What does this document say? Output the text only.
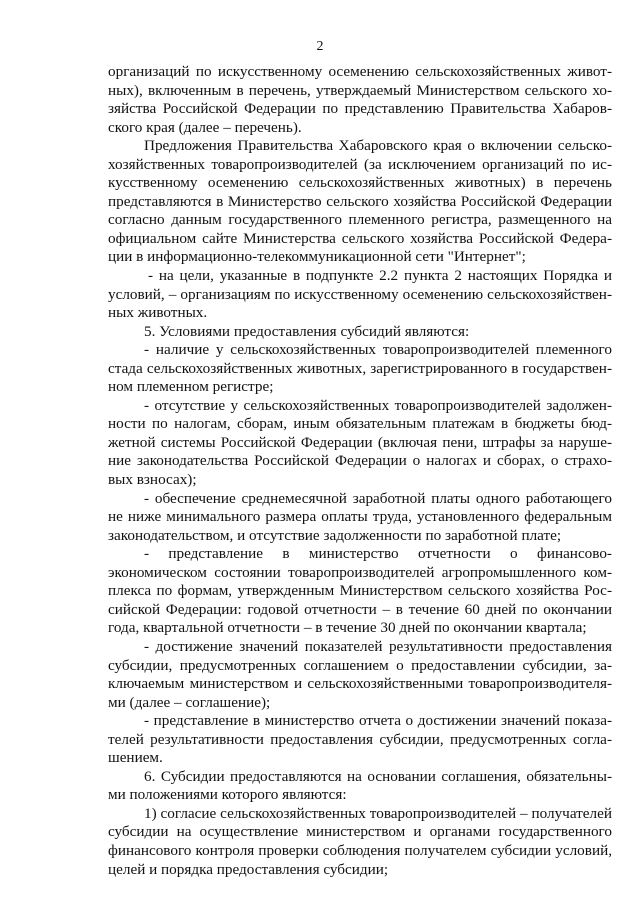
2

организаций по искусственному осеменению сельскохозяйственных животных), включенным в перечень, утверждаемый Министерством сельского хозяйства Российской Федерации по представлению Правительства Хабаровского края (далее – перечень).

Предложения Правительства Хабаровского края о включении сельскохозяйственных товаропроизводителей (за исключением организаций по искусственному осеменению сельскохозяйственных животных) в перечень представляются в Министерство сельского хозяйства Российской Федерации согласно данным государственного племенного регистра, размещенного на официальном сайте Министерства сельского хозяйства Российской Федерации в информационно-телекоммуникационной сети "Интернет";

- на цели, указанные в подпункте 2.2 пункта 2 настоящих Порядка и условий, – организациям по искусственному осеменению сельскохозяйственных животных.

5. Условиями предоставления субсидий являются:

- наличие у сельскохозяйственных товаропроизводителей племенного стада сельскохозяйственных животных, зарегистрированного в государственном племенном регистре;

- отсутствие у сельскохозяйственных товаропроизводителей задолженности по налогам, сборам, иным обязательным платежам в бюджеты бюджетной системы Российской Федерации (включая пени, штрафы за нарушение законодательства Российской Федерации о налогах и сборах, о страховых взносах);

- обеспечение среднемесячной заработной платы одного работающего не ниже минимального размера оплаты труда, установленного федеральным законодательством, и отсутствие задолженности по заработной плате;

- представление в министерство отчетности о финансово-экономическом состоянии товаропроизводителей агропромышленного комплекса по формам, утвержденным Министерством сельского хозяйства Российской Федерации: годовой отчетности – в течение 60 дней по окончании года, квартальной отчетности – в течение 30 дней по окончании квартала;

- достижение значений показателей результативности предоставления субсидии, предусмотренных соглашением о предоставлении субсидии, заключаемым министерством и сельскохозяйственными товаропроизводителями (далее – соглашение);

- представление в министерство отчета о достижении значений показателей результативности предоставления субсидии, предусмотренных соглашением.

6. Субсидии предоставляются на основании соглашения, обязательными положениями которого являются:

1) согласие сельскохозяйственных товаропроизводителей – получателей субсидии на осуществление министерством и органами государственного финансового контроля проверки соблюдения получателем субсидии условий, целей и порядка предоставления субсидии;
